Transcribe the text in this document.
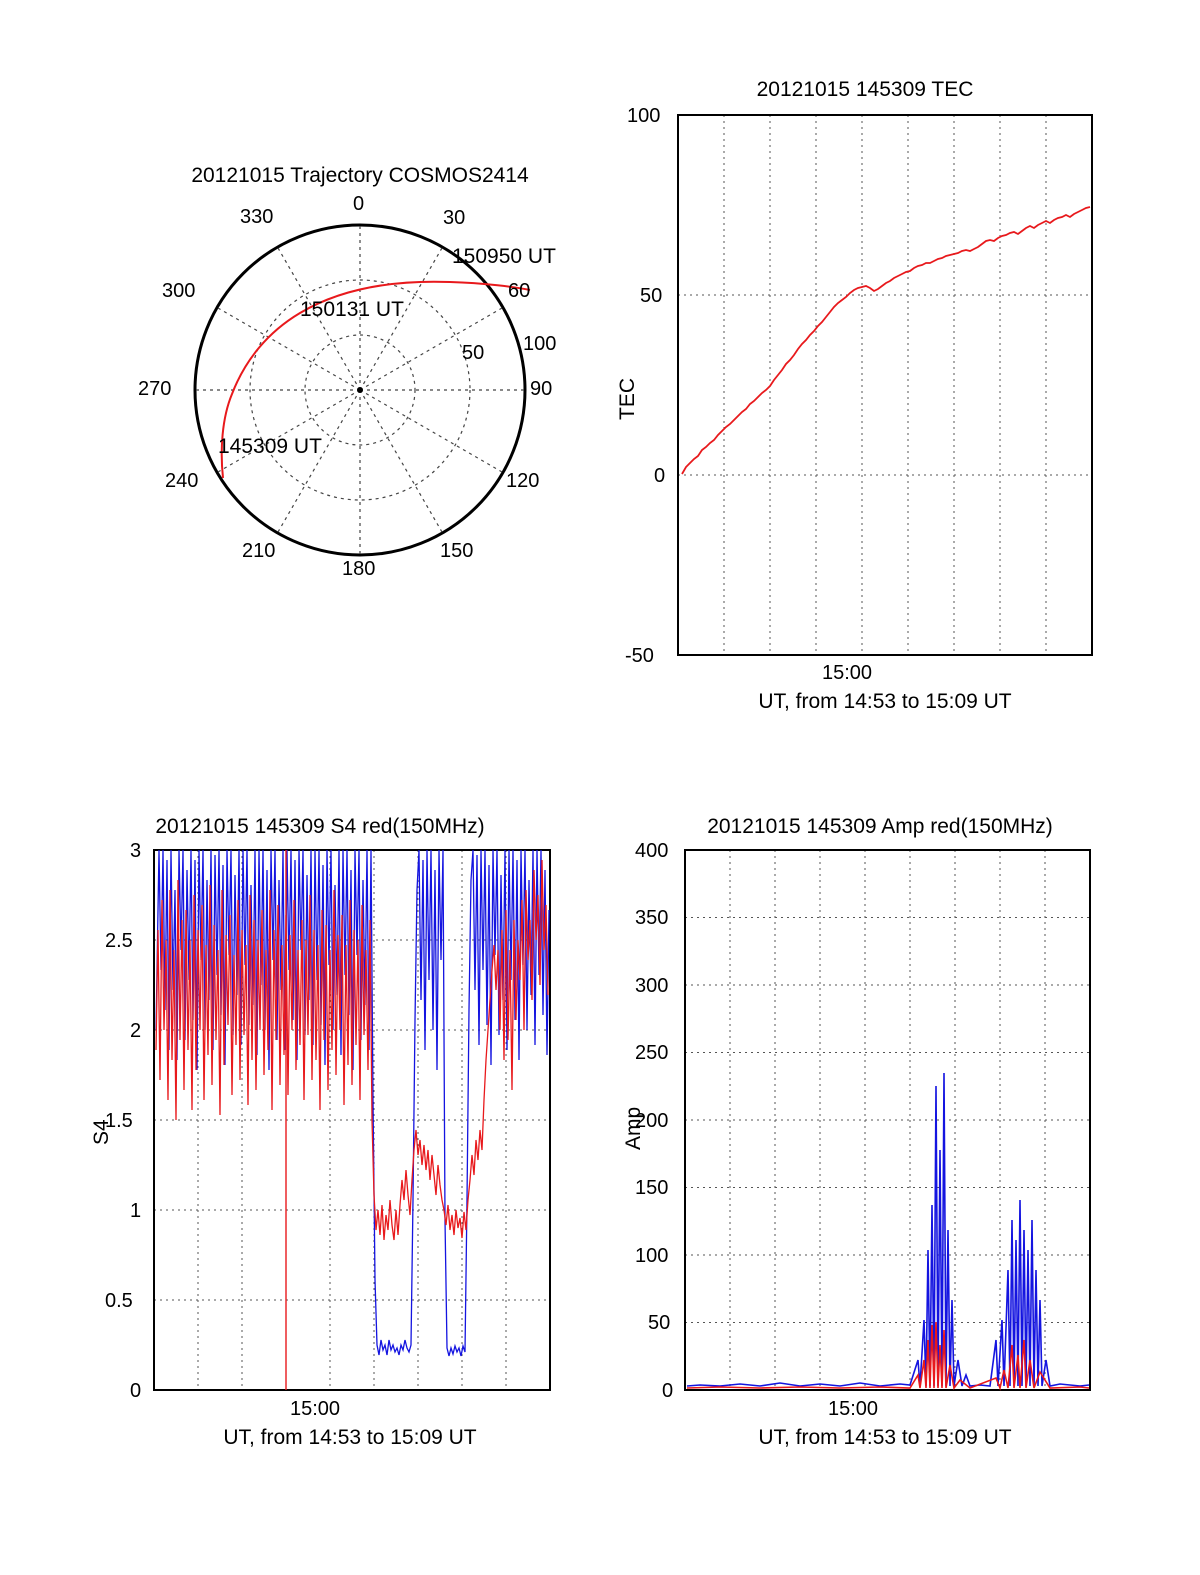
20121015 Trajectory COSMOS2414
0
30
60
90
120
150
180
210
240
270
300
330
50 100
150950 UT
150131 UT
145309 UT
20121015 145309 TEC
-50
0
50
100
15:00
TEC
UT, from 14:53 to 15:09 UT
20121015 145309 S4 red(150MHz)
0
0.5
1
1.5
2
2.5
3
15:00
S4
UT, from 14:53 to 15:09 UT
20121015 145309 Amp red(150MHz)
0
50
100
150
200
250
300
350
400
15:00
Amp
UT, from 14:53 to 15:09 UT
